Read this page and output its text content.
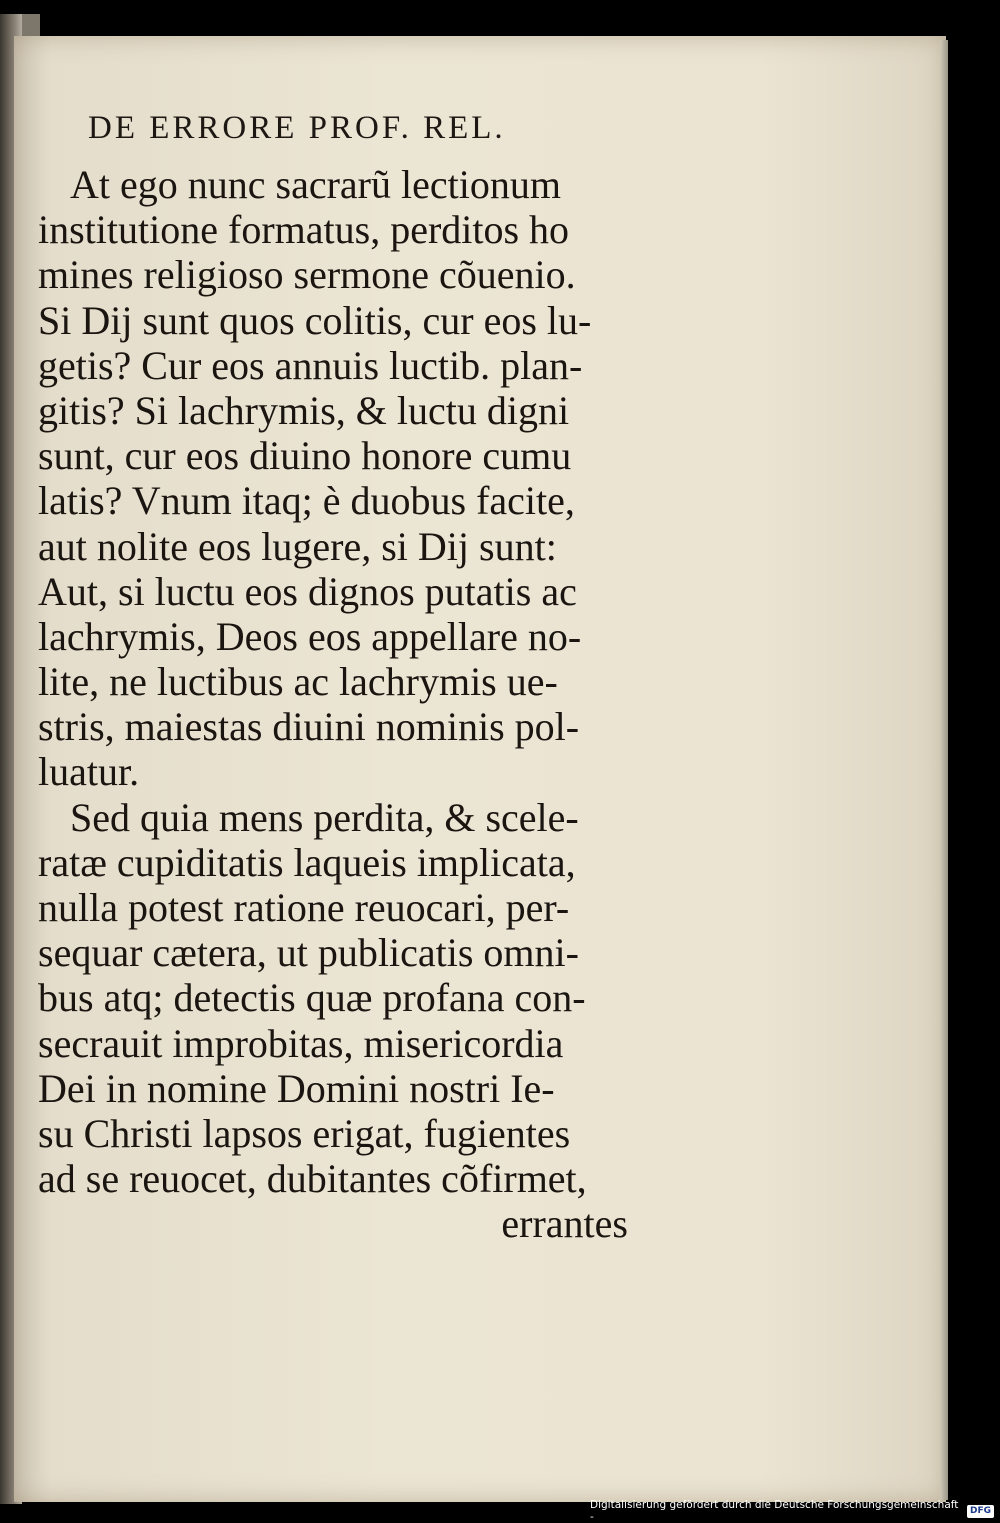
DE ERRORE PROF. REL.
At ego nunc sacrarũ lectionum
institutione formatus, perditos ho
mines religioso sermone cõuenio.
Si Dij sunt quos colitis, cur eos lu-
getis? Cur eos annuis luctib. plan-
gitis? Si lachrymis, & luctu digni
sunt, cur eos diuino honore cumu
latis? Vnum itaq; è duobus facite,
aut nolite eos lugere, si Dij sunt:
Aut, si luctu eos dignos putatis ac
lachrymis, Deos eos appellare no-
lite, ne luctibus ac lachrymis ue-
stris, maiestas diuini nominis pol-
luatur.
Sed quia mens perdita, & scele-
ratæ cupiditatis laqueis implicata,
nulla potest ratione reuocari, per-
sequar cætera, ut publicatis omni-
bus atq; detectis quæ profana con-
secrauit improbitas, misericordia
Dei in nomine Domini nostri Ie-
su Christi lapsos erigat, fugientes
ad se reuocet, dubitantes cõfirmet,
errantes
Digitalisierung gefördert durch die Deutsche Forschungsgemeinschaft -
DFG
